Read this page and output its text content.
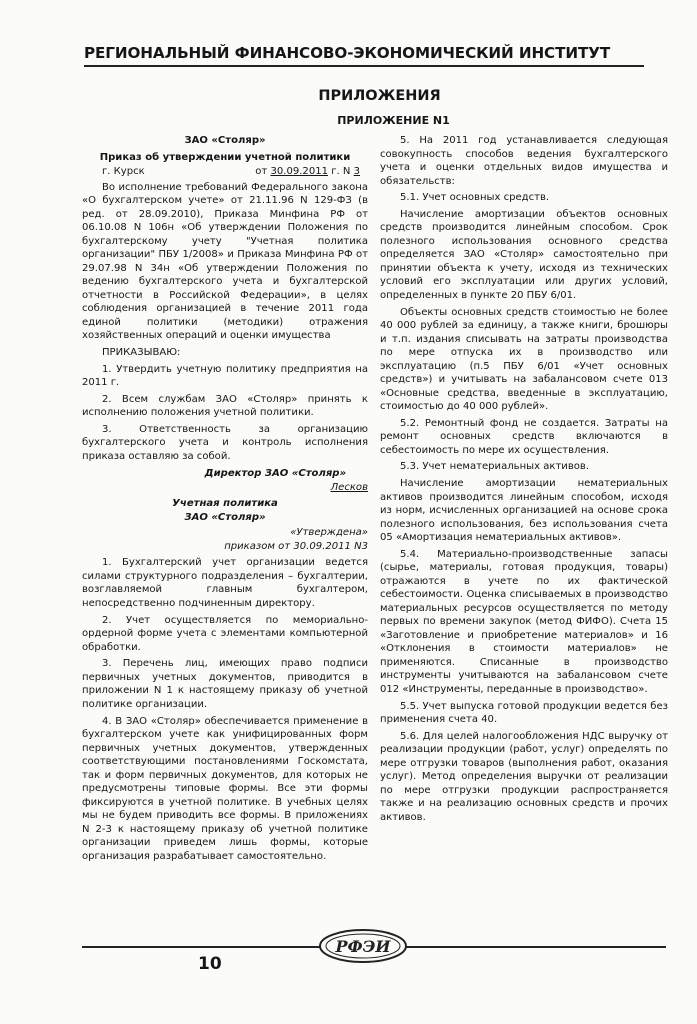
РЕГИОНАЛЬНЫЙ ФИНАНСОВО-ЭКОНОМИЧЕСКИЙ ИНСТИТУТ
ПРИЛОЖЕНИЯ
ПРИЛОЖЕНИЕ N1

ЗАО «Столяр»

Приказ об утверждении учетной политики

г. Курск	от 30.09.2011 г. N 3

Во исполнение требований Федерального закона «О бухгалтерском учете» от 21.11.96 N 129-ФЗ (в ред. от 28.09.2010), Приказа Минфина РФ от 06.10.08 N 106н «Об утверждении Положения по бухгалтерскому учету "Учетная политика организации" ПБУ 1/2008» и Приказа Минфина РФ от 29.07.98 N 34н «Об утверждении Положения по ведению бухгалтерского учета и бухгалтерской отчетности в Российской Федерации», в целях соблюдения организацией в течение 2011 года единой политики (методики) отражения хозяйственных операций и оценки имущества

ПРИКАЗЫВАЮ:

1. Утвердить учетную политику предприятия на 2011 г.

2. Всем службам ЗАО «Столяр» принять к исполнению положения учетной политики.

3. Ответственность за организацию бухгалтерского учета и контроль исполнения приказа оставляю за собой.

Директор ЗАО «Столяр»

Лесков

Учетная политика

ЗАО «Столяр»

«Утверждена»

приказом от 30.09.2011 N3

1. Бухгалтерский учет организации ведется силами структурного подразделения – бухгалтерии, возглавляемой главным бухгалтером, непосредственно подчиненным директору.

2. Учет осуществляется по мемориально-ордерной форме учета с элементами компьютерной обработки.

3. Перечень лиц, имеющих право подписи первичных учетных документов, приводится в приложении N 1 к настоящему приказу об учетной политике организации.

4. В ЗАО «Столяр» обеспечивается применение в бухгалтерском учете как унифицированных форм первичных учетных документов, утвержденных соответствующими постановлениями Госкомстата, так и форм первичных документов, для которых не предусмотрены типовые формы. Все эти формы фиксируются в учетной политике. В учебных целях мы не будем приводить все формы. В приложениях N 2-3 к настоящему приказу об учетной политике организации приведем лишь формы, которые организация разрабатывает самостоятельно.

5. На 2011 год устанавливается следующая совокупность способов ведения бухгалтерского учета и оценки отдельных видов имущества и обязательств:

5.1. Учет основных средств.

Начисление амортизации объектов основных средств производится линейным способом. Срок полезного использования основного средства определяется ЗАО «Столяр» самостоятельно при принятии объекта к учету, исходя из технических условий его эксплуатации или других условий, определенных в пункте 20 ПБУ 6/01.

Объекты основных средств стоимостью не более 40 000 рублей за единицу, а также книги, брошюры и т.п. издания списывать на затраты производства по мере отпуска их в производство или эксплуатацию (п.5 ПБУ 6/01 «Учет основных средств») и учитывать на забалансовом счете 013 «Основные средства, введенные в эксплуатацию, стоимостью до 40 000 рублей».

5.2. Ремонтный фонд не создается. Затраты на ремонт основных средств включаются в себестоимость по мере их осуществления.

5.3. Учет нематериальных активов.

Начисление амортизации нематериальных активов производится линейным способом, исходя из норм, исчисленных организацией на основе срока полезного использования, без использования счета 05 «Амортизация нематериальных активов».

5.4. Материально-производственные запасы (сырье, материалы, готовая продукция, товары) отражаются в учете по их фактической себестоимости. Оценка списываемых в производство материальных ресурсов осуществляется по методу первых по времени закупок (метод ФИФО). Счета 15 «Заготовление и приобретение материалов» и 16 «Отклонения в стоимости материалов» не применяются. Списанные в производство инструменты учитываются на забалансовом счете 012 «Инструменты, переданные в производство».

5.5. Учет выпуска готовой продукции ведется без применения счета 40.

5.6. Для целей налогообложения НДС выручку от реализации продукции (работ, услуг) определять по мере отгрузки товаров (выполнения работ, оказания услуг). Метод определения выручки от реализации по мере отгрузки продукции распространяется также и на реализацию основных средств и прочих активов.

10
РФЭИ
